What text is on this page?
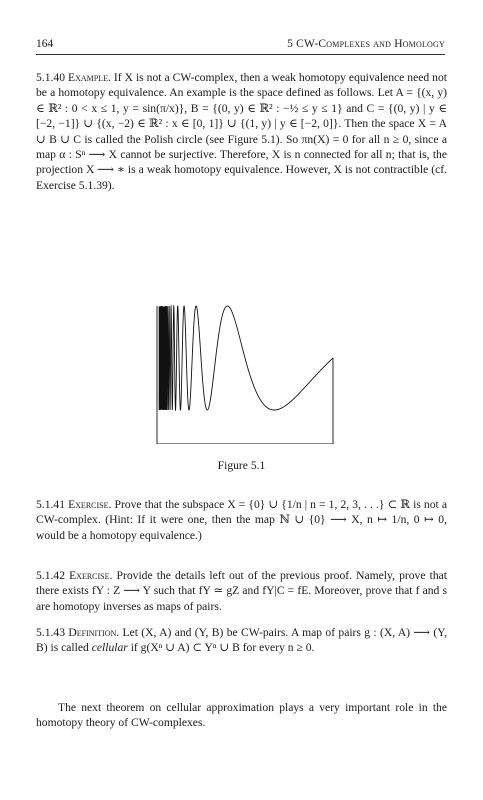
164	5 CW-Complexes and Homology
5.1.40 Example. If X is not a CW-complex, then a weak homotopy equivalence need not be a homotopy equivalence. An example is the space defined as follows. Let A = {(x, y) ∈ ℝ² : 0 < x ≤ 1, y = sin(π/x)}, B = {(0, y) ∈ ℝ² : −½ ≤ y ≤ 1} and C = {(0, y) | y ∈ [−2, −1]} ∪ {(x, −2) ∈ ℝ² : x ∈ [0, 1]} ∪ {(1, y) | y ∈ [−2, 0]}. Then the space X = A ∪ B ∪ C is called the Polish circle (see Figure 5.1). So πn(X) = 0 for all n ≥ 0, since a map α : Sⁿ ⟶ X cannot be surjective. Therefore, X is n connected for all n; that is, the projection X ⟶ ∗ is a weak homotopy equivalence. However, X is not contractible (cf. Exercise 5.1.39).
Figure 5.1
5.1.41 Exercise. Prove that the subspace X = {0} ∪ {1/n | n = 1, 2, 3, . . .} ⊂ ℝ is not a CW-complex. (Hint: If it were one, then the map ℕ ∪ {0} ⟶ X, n ↦ 1/n, 0 ↦ 0, would be a homotopy equivalence.)
5.1.42 Exercise. Provide the details left out of the previous proof. Namely, prove that there exists fY : Z ⟶ Y such that fY ≃ gZ and fY|C = fE. Moreover, prove that f and s are homotopy inverses as maps of pairs.
5.1.43 Definition. Let (X, A) and (Y, B) be CW-pairs. A map of pairs g : (X, A) ⟶ (Y, B) is called cellular if g(Xⁿ ∪ A) ⊂ Yⁿ ∪ B for every n ≥ 0.
The next theorem on cellular approximation plays a very important role in the homotopy theory of CW-complexes.
